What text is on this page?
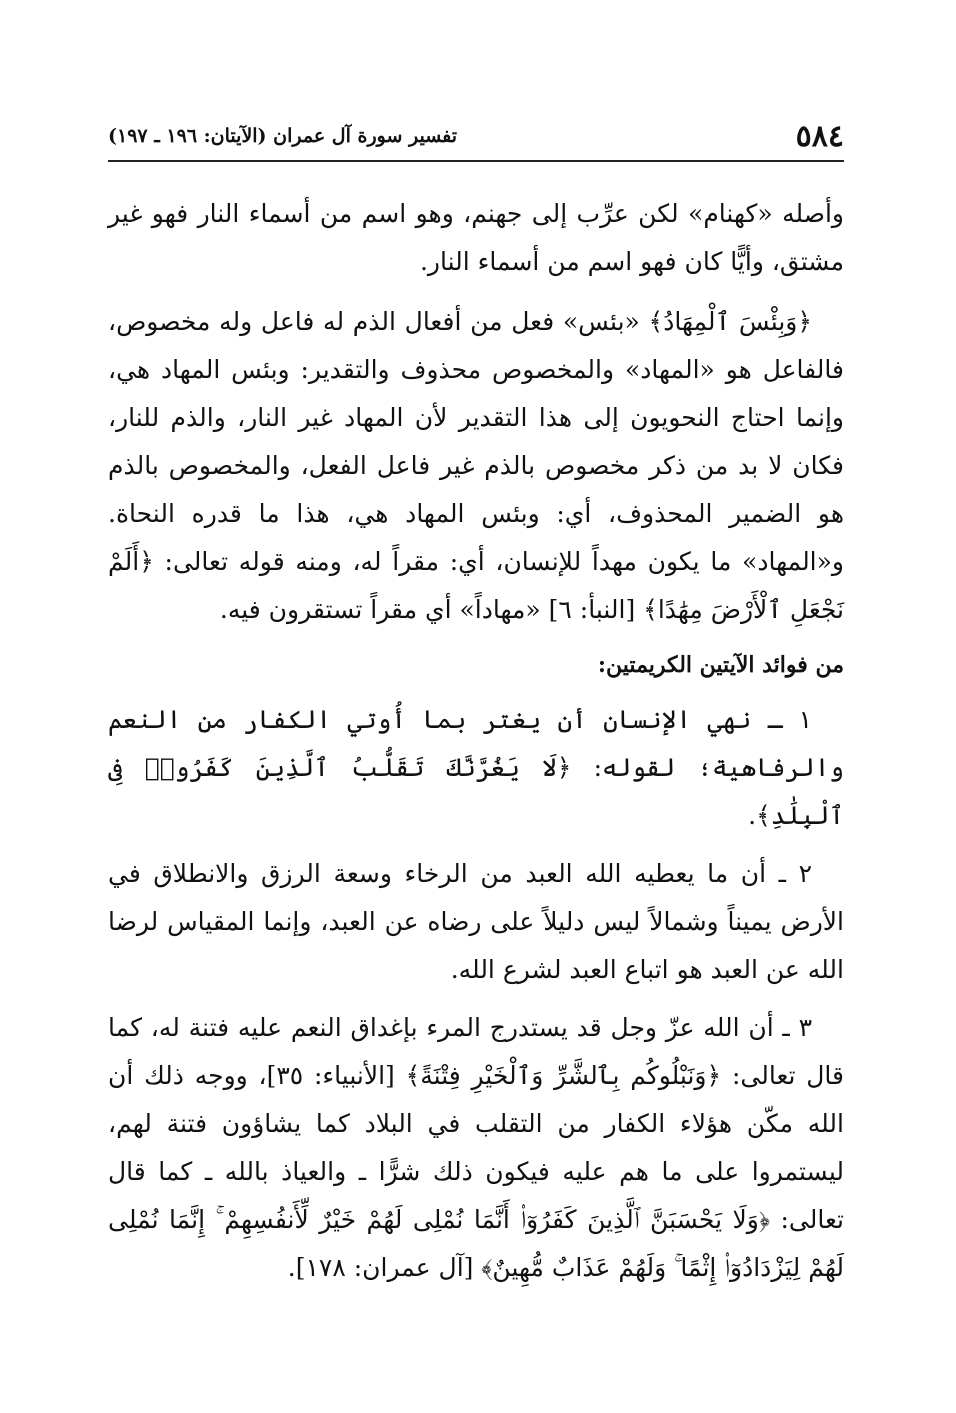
٥٨٤
تفسير سورة آل عمران (الآيتان: ١٩٦ ـ ١٩٧)

وأصله «كهنام» لكن عرِّب إلى جهنم، وهو اسم من أسماء النار فهو غير مشتق، وأيًّا كان فهو اسم من أسماء النار.

﴿وَبِئْسَ ٱلْمِهَادُ﴾ «بئس» فعل من أفعال الذم له فاعل وله مخصوص، فالفاعل هو «المهاد» والمخصوص محذوف والتقدير: وبئس المهاد هي، وإنما احتاج النحويون إلى هذا التقدير لأن المهاد غير النار، والذم للنار، فكان لا بد من ذكر مخصوص بالذم غير فاعل الفعل، والمخصوص بالذم هو الضمير المحذوف، أي: وبئس المهاد هي، هذا ما قدره النحاة. و«المهاد» ما يكون مهداً للإنسان، أي: مقراً له، ومنه قوله تعالى: ﴿أَلَمْ نَجْعَلِ ٱلْأَرْضَ مِهَٰدًا﴾ [النبأ: ٦] «مهاداً» أي مقراً تستقرون فيه.

من فوائد الآيتين الكريمتين:

١ ـ نهي الإنسان أن يغتر بما أُوتي الكفار من النعم والرفاهية؛ لقوله: ﴿لَا يَغُرَّنَّكَ تَقَلُّبُ ٱلَّذِينَ كَفَرُوا۟ فِى ٱلْبِلَٰدِ﴾.

٢ ـ أن ما يعطيه الله العبد من الرخاء وسعة الرزق والانطلاق في الأرض يميناً وشمالاً ليس دليلاً على رضاه عن العبد، وإنما المقياس لرضا الله عن العبد هو اتباع العبد لشرع الله.

٣ ـ أن الله عزّ وجل قد يستدرج المرء بإغداق النعم عليه فتنة له، كما قال تعالى: ﴿وَنَبْلُوكُم بِٱلشَّرِّ وَٱلْخَيْرِ فِتْنَةً﴾ [الأنبياء: ٣٥]، ووجه ذلك أن الله مكّن هؤلاء الكفار من التقلب في البلاد كما يشاؤون فتنة لهم، ليستمروا على ما هم عليه فيكون ذلك شرًّا ـ والعياذ بالله ـ كما قال تعالى: ﴿وَلَا يَحْسَبَنَّ ٱلَّذِينَ كَفَرُوٓا۟ أَنَّمَا نُمْلِى لَهُمْ خَيْرٌ لِّأَنفُسِهِمْ ۚ إِنَّمَا نُمْلِى لَهُمْ لِيَزْدَادُوٓا۟ إِثْمًا ۚ وَلَهُمْ عَذَابٌ مُّهِينٌ﴾ [آل عمران: ١٧٨].
